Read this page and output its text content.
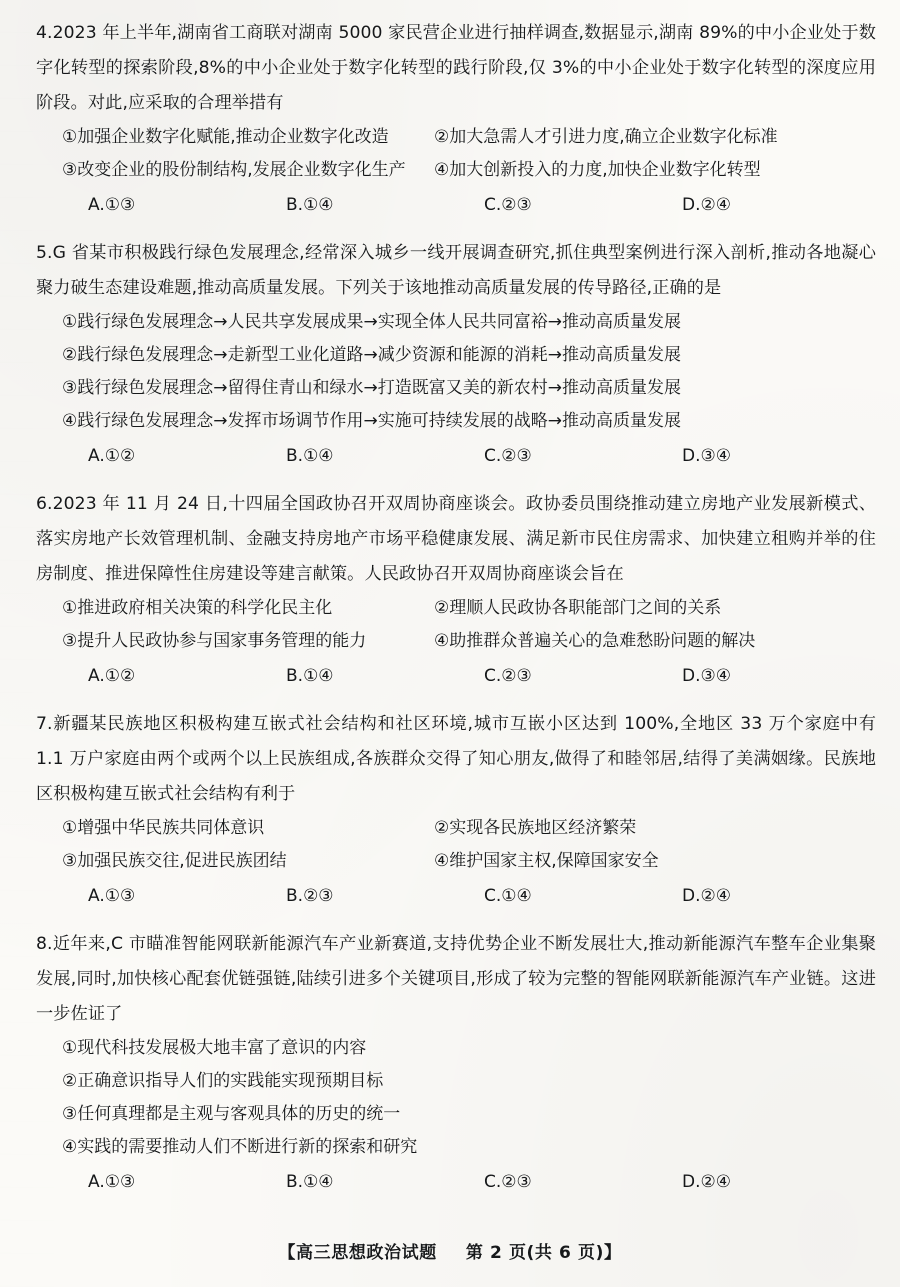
4.2023 年上半年,湖南省工商联对湖南 5000 家民营企业进行抽样调查,数据显示,湖南 89%的中小企业处于数字化转型的探索阶段,8%的中小企业处于数字化转型的践行阶段,仅 3%的中小企业处于数字化转型的深度应用阶段。对此,应采取的合理举措有
①加强企业数字化赋能,推动企业数字化改造	②加大急需人才引进力度,确立企业数字化标准
③改变企业的股份制结构,发展企业数字化生产	④加大创新投入的力度,加快企业数字化转型
A.①③	B.①④	C.②③	D.②④
5.G 省某市积极践行绿色发展理念,经常深入城乡一线开展调查研究,抓住典型案例进行深入剖析,推动各地凝心聚力破生态建设难题,推动高质量发展。下列关于该地推动高质量发展的传导路径,正确的是
①践行绿色发展理念→人民共享发展成果→实现全体人民共同富裕→推动高质量发展
②践行绿色发展理念→走新型工业化道路→减少资源和能源的消耗→推动高质量发展
③践行绿色发展理念→留得住青山和绿水→打造既富又美的新农村→推动高质量发展
④践行绿色发展理念→发挥市场调节作用→实施可持续发展的战略→推动高质量发展
A.①②	B.①④	C.②③	D.③④
6.2023 年 11 月 24 日,十四届全国政协召开双周协商座谈会。政协委员围绕推动建立房地产业发展新模式、落实房地产长效管理机制、金融支持房地产市场平稳健康发展、满足新市民住房需求、加快建立租购并举的住房制度、推进保障性住房建设等建言献策。人民政协召开双周协商座谈会旨在
①推进政府相关决策的科学化民主化	②理顺人民政协各职能部门之间的关系
③提升人民政协参与国家事务管理的能力	④助推群众普遍关心的急难愁盼问题的解决
A.①②	B.①④	C.②③	D.③④
7.新疆某民族地区积极构建互嵌式社会结构和社区环境,城市互嵌小区达到 100%,全地区 33 万个家庭中有 1.1 万户家庭由两个或两个以上民族组成,各族群众交得了知心朋友,做得了和睦邻居,结得了美满姻缘。民族地区积极构建互嵌式社会结构有利于
①增强中华民族共同体意识	②实现各民族地区经济繁荣
③加强民族交往,促进民族团结	④维护国家主权,保障国家安全
A.①③	B.②③	C.①④	D.②④
8.近年来,C 市瞄准智能网联新能源汽车产业新赛道,支持优势企业不断发展壮大,推动新能源汽车整车企业集聚发展,同时,加快核心配套优链强链,陆续引进多个关键项目,形成了较为完整的智能网联新能源汽车产业链。这进一步佐证了
①现代科技发展极大地丰富了意识的内容
②正确意识指导人们的实践能实现预期目标
③任何真理都是主观与客观具体的历史的统一
④实践的需要推动人们不断进行新的探索和研究
A.①③	B.①④	C.②③	D.②④
【高三思想政治试题 第 2 页(共 6 页)】
